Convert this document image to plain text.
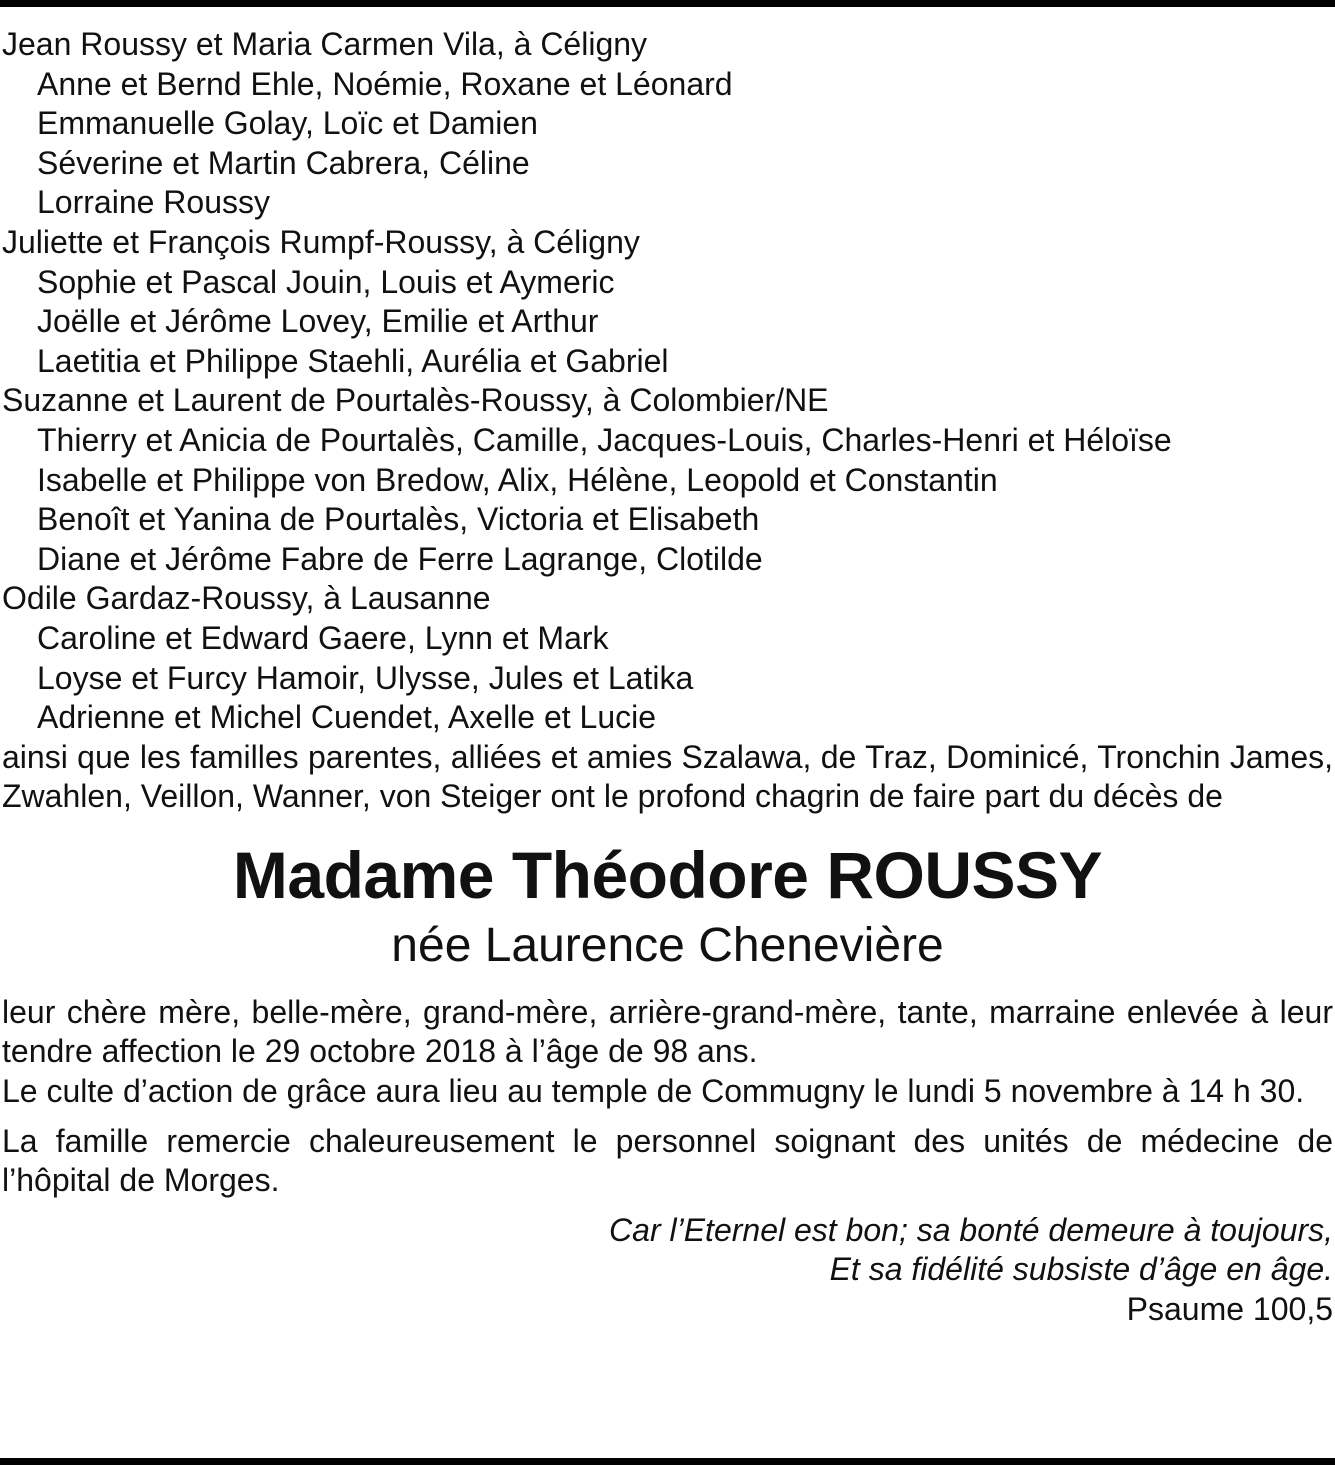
Jean Roussy et Maria Carmen Vila, à Céligny
Anne et Bernd Ehle, Noémie, Roxane et Léonard
Emmanuelle Golay, Loïc et Damien
Séverine et Martin Cabrera, Céline
Lorraine Roussy
Juliette et François Rumpf-Roussy, à Céligny
Sophie et Pascal Jouin, Louis et Aymeric
Joëlle et Jérôme Lovey, Emilie et Arthur
Laetitia et Philippe Staehli, Aurélia et Gabriel
Suzanne et Laurent de Pourtalès-Roussy, à Colombier/NE
Thierry et Anicia de Pourtalès, Camille, Jacques-Louis, Charles-Henri et Héloïse
Isabelle et Philippe von Bredow, Alix, Hélène, Leopold et Constantin
Benoît et Yanina de Pourtalès, Victoria et Elisabeth
Diane et Jérôme Fabre de Ferre Lagrange, Clotilde
Odile Gardaz-Roussy, à Lausanne
Caroline et Edward Gaere, Lynn et Mark
Loyse et Furcy Hamoir, Ulysse, Jules et Latika
Adrienne et Michel Cuendet, Axelle et Lucie

ainsi que les familles parentes, alliées et amies Szalawa, de Traz, Dominicé, Tronchin James, Zwahlen, Veillon, Wanner, von Steiger ont le profond chagrin de faire part du décès de

Madame Théodore ROUSSY
née Laurence Chenevière

leur chère mère, belle-mère, grand-mère, arrière-grand-mère, tante, marraine enlevée à leur tendre affection le 29 octobre 2018 à l’âge de 98 ans.

Le culte d’action de grâce aura lieu au temple de Commugny le lundi 5 novembre à 14 h 30.

La famille remercie chaleureusement le personnel soignant des unités de médecine de l’hôpital de Morges.

Car l’Eternel est bon; sa bonté demeure à toujours,
Et sa fidélité subsiste d’âge en âge.
Psaume 100,5
